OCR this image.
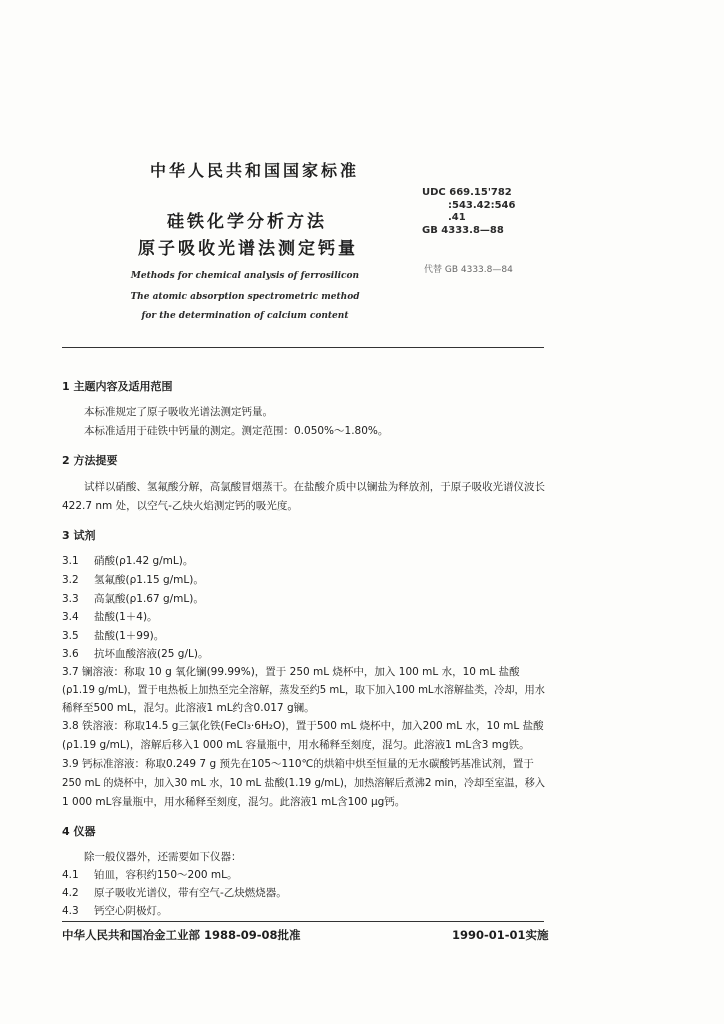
中华人民共和国国家标准
硅铁化学分析方法
原子吸收光谱法测定钙量
Methods for chemical analysis of ferrosilicon
The atomic absorption spectrometric method
for the determination of calcium content
UDC 669.15'782
:543.42:546
.41
GB 4333.8—88
代替 GB 4333.8—84
1 主题内容及适用范围
本标准规定了原子吸收光谱法测定钙量。
本标准适用于硅铁中钙量的测定。测定范围：0.050%～1.80%。
2 方法提要
试样以硝酸、氢氟酸分解，高氯酸冒烟蒸干。在盐酸介质中以镧盐为释放剂，于原子吸收光谱仪波长
422.7 nm 处，以空气-乙炔火焰测定钙的吸光度。
3 试剂
3.1 硝酸(ρ1.42 g/mL)。
3.2 氢氟酸(ρ1.15 g/mL)。
3.3 高氯酸(ρ1.67 g/mL)。
3.4 盐酸(1＋4)。
3.5 盐酸(1＋99)。
3.6 抗坏血酸溶液(25 g/L)。
3.7 镧溶液：称取 10 g 氧化镧(99.99%)，置于 250 mL 烧杯中，加入 100 mL 水，10 mL 盐酸
(ρ1.19 g/mL)，置于电热板上加热至完全溶解，蒸发至约5 mL，取下加入100 mL水溶解盐类，冷却，用水
稀释至500 mL，混匀。此溶液1 mL约含0.017 g镧。
3.8 铁溶液：称取14.5 g三氯化铁(FeCl₃·6H₂O)，置于500 mL 烧杯中，加入200 mL 水，10 mL 盐酸
(ρ1.19 g/mL)，溶解后移入1 000 mL 容量瓶中，用水稀释至刻度，混匀。此溶液1 mL含3 mg铁。
3.9 钙标准溶液：称取0.249 7 g 预先在105～110℃的烘箱中烘至恒量的无水碳酸钙基准试剂，置于
250 mL 的烧杯中，加入30 mL 水，10 mL 盐酸(1.19 g/mL)，加热溶解后煮沸2 min，冷却至室温，移入
1 000 mL容量瓶中，用水稀释至刻度，混匀。此溶液1 mL含100 μg钙。
4 仪器
除一般仪器外，还需要如下仪器：
4.1 铂皿，容积约150～200 mL。
4.2 原子吸收光谱仪，带有空气-乙炔燃烧器。
4.3 钙空心阴极灯。
中华人民共和国冶金工业部 1988-09-08批准	1990-01-01实施
